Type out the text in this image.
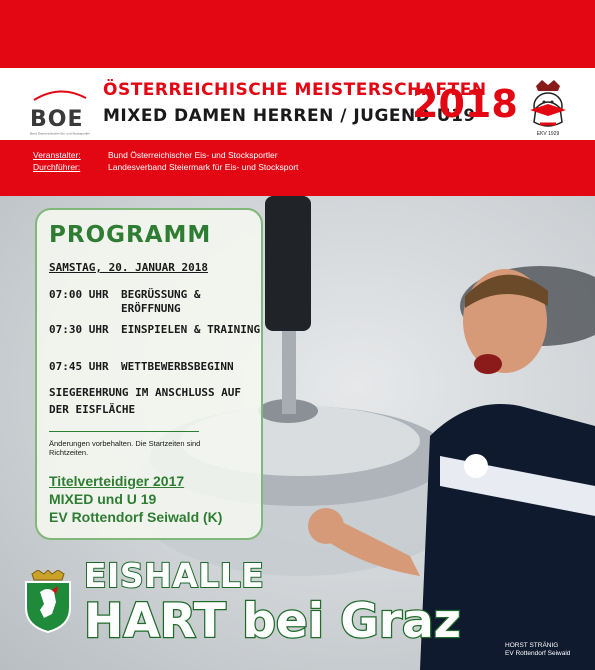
BOE
Bund Österreichischer Eis- und Stocksportler
ÖSTERREICHISCHE MEISTERSCHAFTEN
MIXED DAMEN HERREN / JUGEND U19
2018
EKV 1929
Veranstalter:	Bund Österreichischer Eis- und Stocksportler
Durchführer:	Landesverband Steiermark für Eis- und Stocksport
PROGRAMM
SAMSTAG, 20. JANUAR 2018
07:00 UHR BEGRÜSSUNG & ERÖFFNUNG
07:30 UHR EINSPIELEN & TRAINING
07:45 UHR WETTBEWERBSBEGINN
SIEGEREHRUNG IM ANSCHLUSS AUF DER EISFLÄCHE
Änderungen vorbehalten. Die Startzeiten sind Richtzeiten.
Titelverteidiger 2017
MIXED und U 19
EV Rottendorf Seiwald (K)
EISHALLE
HART bei Graz	HORST STRÄNIG
EV Rottendorf Seiwald
